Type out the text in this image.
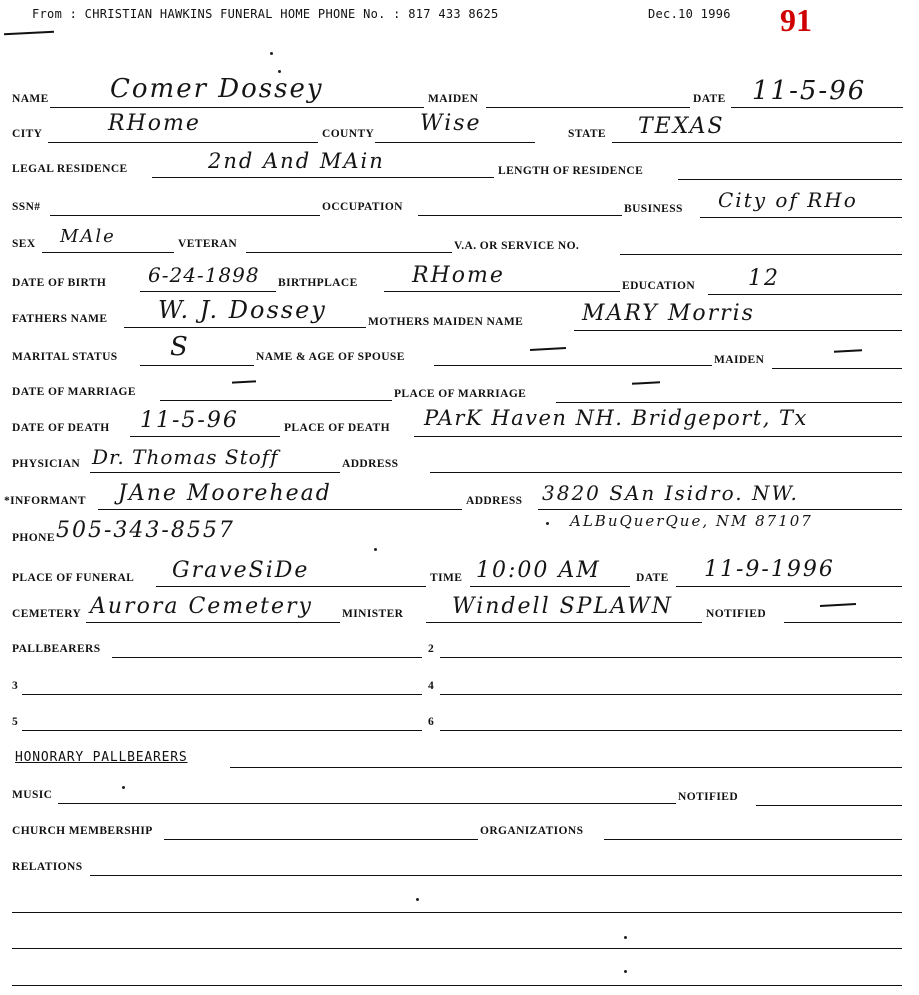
From : CHRISTIAN HAWKINS FUNERAL HOME PHONE No. : 817 433 8625	Dec.10 1996 91
NAME Comer Dossey	MAIDEN	DATE 11-5-96
CITY	RHome	COUNTY Wise	STATE TEXAS
LEGAL RESIDENCE	2nd And MAin	LENGTH OF RESIDENCE
SSN#	OCCUPATION	BUSINESS City of RHo
SEX MAle	VETERAN	V.A. OR SERVICE NO.
DATE OF BIRTH 6-24-1898 BIRTHPLACE RHome	EDUCATION 12
FATHERS NAME W. J. Dossey	MOTHERS MAIDEN NAME	MARY Morris
MARITAL STATUS S	NAME & AGE OF SPOUSE	MAIDEN
DATE OF MARRIAGE	PLACE OF MARRIAGE
DATE OF DEATH 11-5-96	PLACE OF DEATH PArK Haven NH. Bridgeport, Tx
PHYSICIAN Dr. Thomas Stoff	ADDRESS
*INFORMANT JAne Moorehead	ADDRESS 3820 SAn Isidro. NW.
ALBuQuerQue, NM 87107
PHONE 505-343-8557
PLACE OF FUNERAL GraveSiDe	TIME 10:00 AM	DATE 11-9-1996
CEMETERY Aurora Cemetery	MINISTER Windell SPLAWN	NOTIFIED
PALLBEARERS	2
3	4
5	6
HONORARY PALLBEARERS
MUSIC	NOTIFIED
CHURCH MEMBERSHIP	ORGANIZATIONS
RELATIONS
